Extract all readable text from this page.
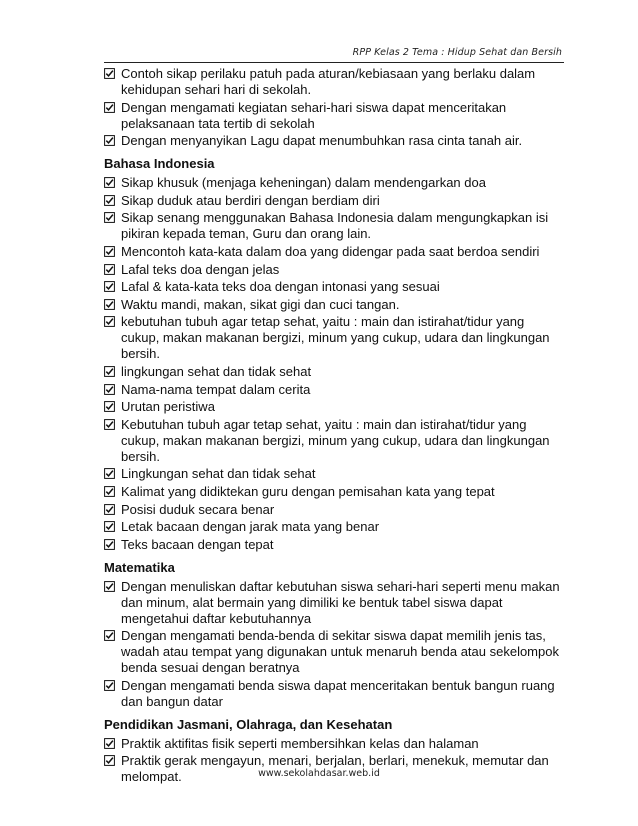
RPP Kelas 2 Tema : Hidup Sehat dan Bersih
Contoh sikap perilaku patuh pada aturan/kebiasaan yang berlaku dalam kehidupan sehari hari di sekolah.
Dengan mengamati kegiatan sehari-hari siswa dapat menceritakan pelaksanaan tata tertib di sekolah
Dengan menyanyikan Lagu dapat menumbuhkan rasa cinta tanah air.
Bahasa Indonesia
Sikap khusuk (menjaga keheningan) dalam mendengarkan doa
Sikap duduk atau berdiri dengan berdiam diri
Sikap senang menggunakan Bahasa Indonesia dalam mengungkapkan isi pikiran kepada teman, Guru dan orang lain.
Mencontoh kata-kata dalam doa yang didengar pada saat berdoa sendiri
Lafal teks doa dengan jelas
Lafal & kata-kata teks doa dengan intonasi yang sesuai
Waktu mandi, makan, sikat gigi dan cuci tangan.
kebutuhan tubuh agar tetap sehat, yaitu : main dan istirahat/tidur yang cukup, makan makanan bergizi, minum yang cukup, udara dan lingkungan bersih.
lingkungan sehat dan tidak sehat
Nama-nama tempat dalam cerita
Urutan peristiwa
Kebutuhan tubuh agar tetap sehat, yaitu : main dan istirahat/tidur yang cukup, makan makanan bergizi, minum yang cukup, udara dan lingkungan bersih.
Lingkungan sehat dan tidak sehat
Kalimat yang didiktekan guru dengan pemisahan kata yang tepat
Posisi duduk secara benar
Letak bacaan dengan jarak mata yang benar
Teks bacaan dengan tepat
Matematika
Dengan menuliskan daftar kebutuhan siswa sehari-hari seperti menu makan dan minum, alat bermain yang dimiliki ke bentuk tabel siswa dapat mengetahui daftar kebutuhannya
Dengan mengamati benda-benda di sekitar siswa dapat memilih jenis tas, wadah atau tempat yang digunakan untuk menaruh benda atau sekelompok benda sesuai dengan beratnya
Dengan mengamati benda siswa dapat menceritakan bentuk bangun ruang dan bangun datar
Pendidikan Jasmani, Olahraga, dan Kesehatan
Praktik aktifitas fisik seperti membersihkan kelas dan halaman
Praktik gerak mengayun, menari, berjalan, berlari, menekuk, memutar dan melompat.	www.sekolahdasar.web.id
